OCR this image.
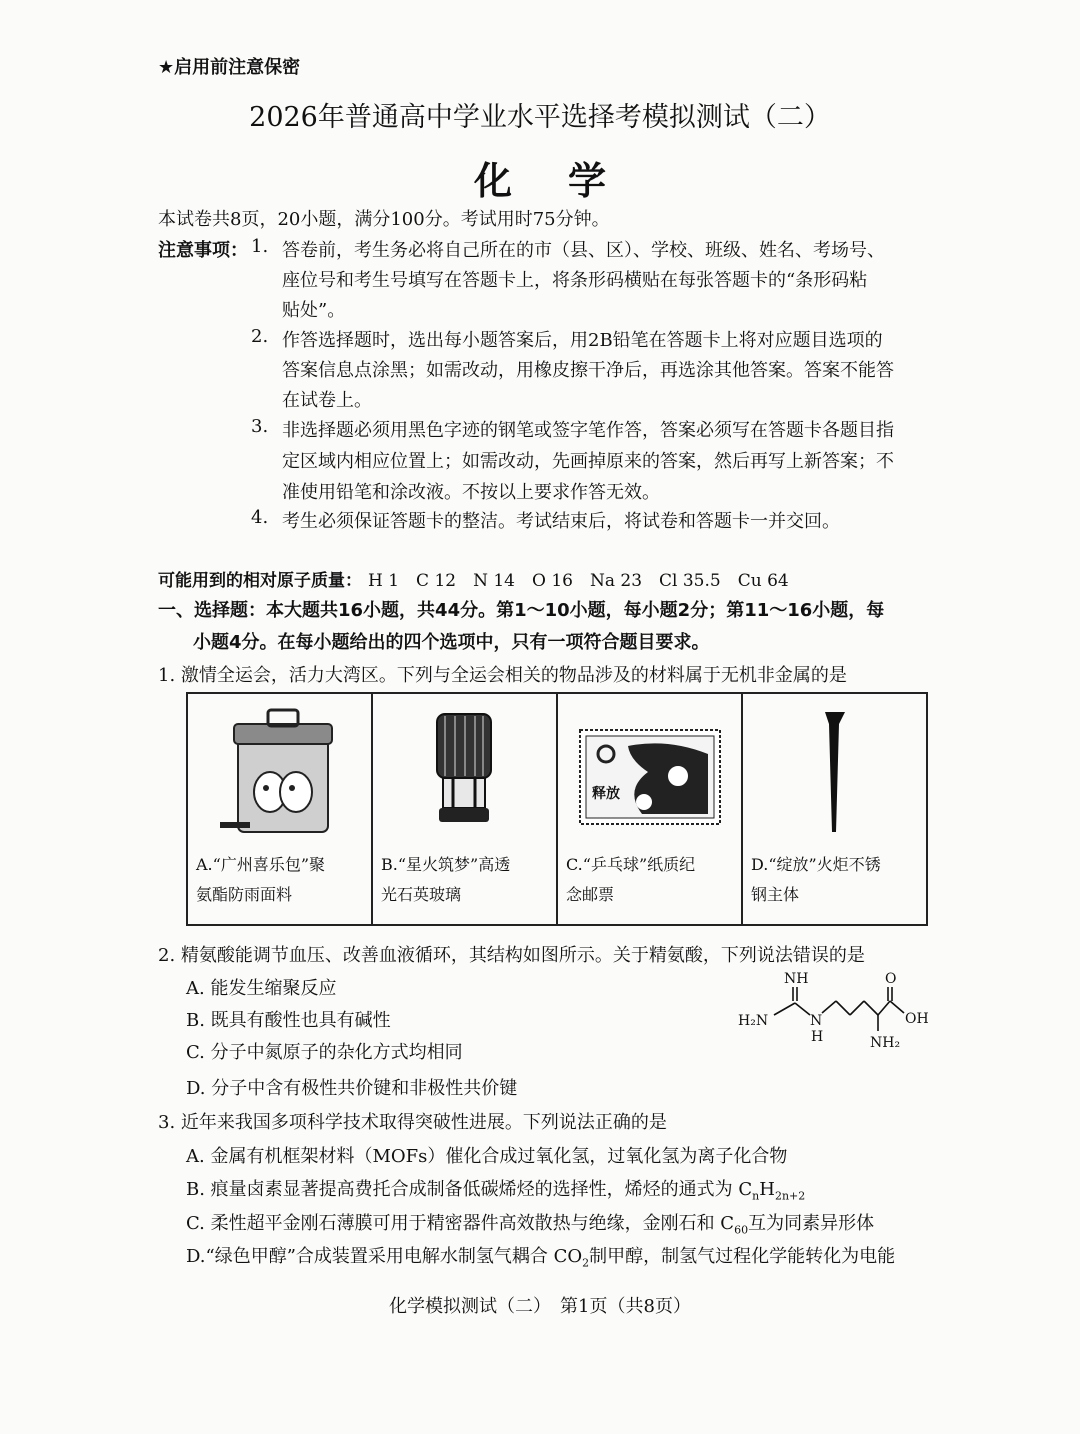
★启用前注意保密
2026年普通高中学业水平选择考模拟测试（二）
化学
本试卷共8页，20小题，满分100分。考试用时75分钟。
注意事项： 1. 答卷前，考生务必将自己所在的市（县、区）、学校、班级、姓名、考场号、
座位号和考生号填写在答题卡上，将条形码横贴在每张答题卡的“条形码粘
贴处”。
2. 作答选择题时，选出每小题答案后，用2B铅笔在答题卡上将对应题目选项的
答案信息点涂黑；如需改动，用橡皮擦干净后，再选涂其他答案。答案不能答
在试卷上。
3. 非选择题必须用黑色字迹的钢笔或签字笔作答，答案必须写在答题卡各题目指
定区域内相应位置上；如需改动，先画掉原来的答案，然后再写上新答案；不
准使用铅笔和涂改液。不按以上要求作答无效。
4. 考生必须保证答题卡的整洁。考试结束后，将试卷和答题卡一并交回。
可能用到的相对原子质量： H 1　C 12　N 14　O 16　Na 23　Cl 35.5　Cu 64
一、选择题：本大题共16小题，共44分。第1～10小题，每小题2分；第11～16小题，每
小题4分。在每小题给出的四个选项中，只有一项符合题目要求。
1. 激情全运会，活力大湾区。下列与全运会相关的物品涉及的材料属于无机非金属的是
A.“广州喜乐包”聚
氨酯防雨面料

B.“星火筑梦”高透
光石英玻璃

释放
C.“乒乓球”纸质纪
念邮票

D.“绽放”火炬不锈
钢主体
2. 精氨酸能调节血压、改善血液循环，其结构如图所示。关于精氨酸，下列说法错误的是
A. 能发生缩聚反应
B. 既具有酸性也具有碱性
C. 分子中氮原子的杂化方式均相同
D. 分子中含有极性共价键和非极性共价键
NH	O
H₂N	N
H
OH
NH₂
3. 近年来我国多项科学技术取得突破性进展。下列说法正确的是
A. 金属有机框架材料（MOFs）催化合成过氧化氢，过氧化氢为离子化合物
B. 痕量卤素显著提高费托合成制备低碳烯烃的选择性，烯烃的通式为 $C_nH_{2n+2}$
C. 柔性超平金刚石薄膜可用于精密器件高效散热与绝缘，金刚石和 $C_{60}$互为同素异形体
D.“绿色甲醇”合成装置采用电解水制氢气耦合 $CO_2$制甲醇，制氢气过程化学能转化为电能
化学模拟测试（二）　第1页（共8页）
